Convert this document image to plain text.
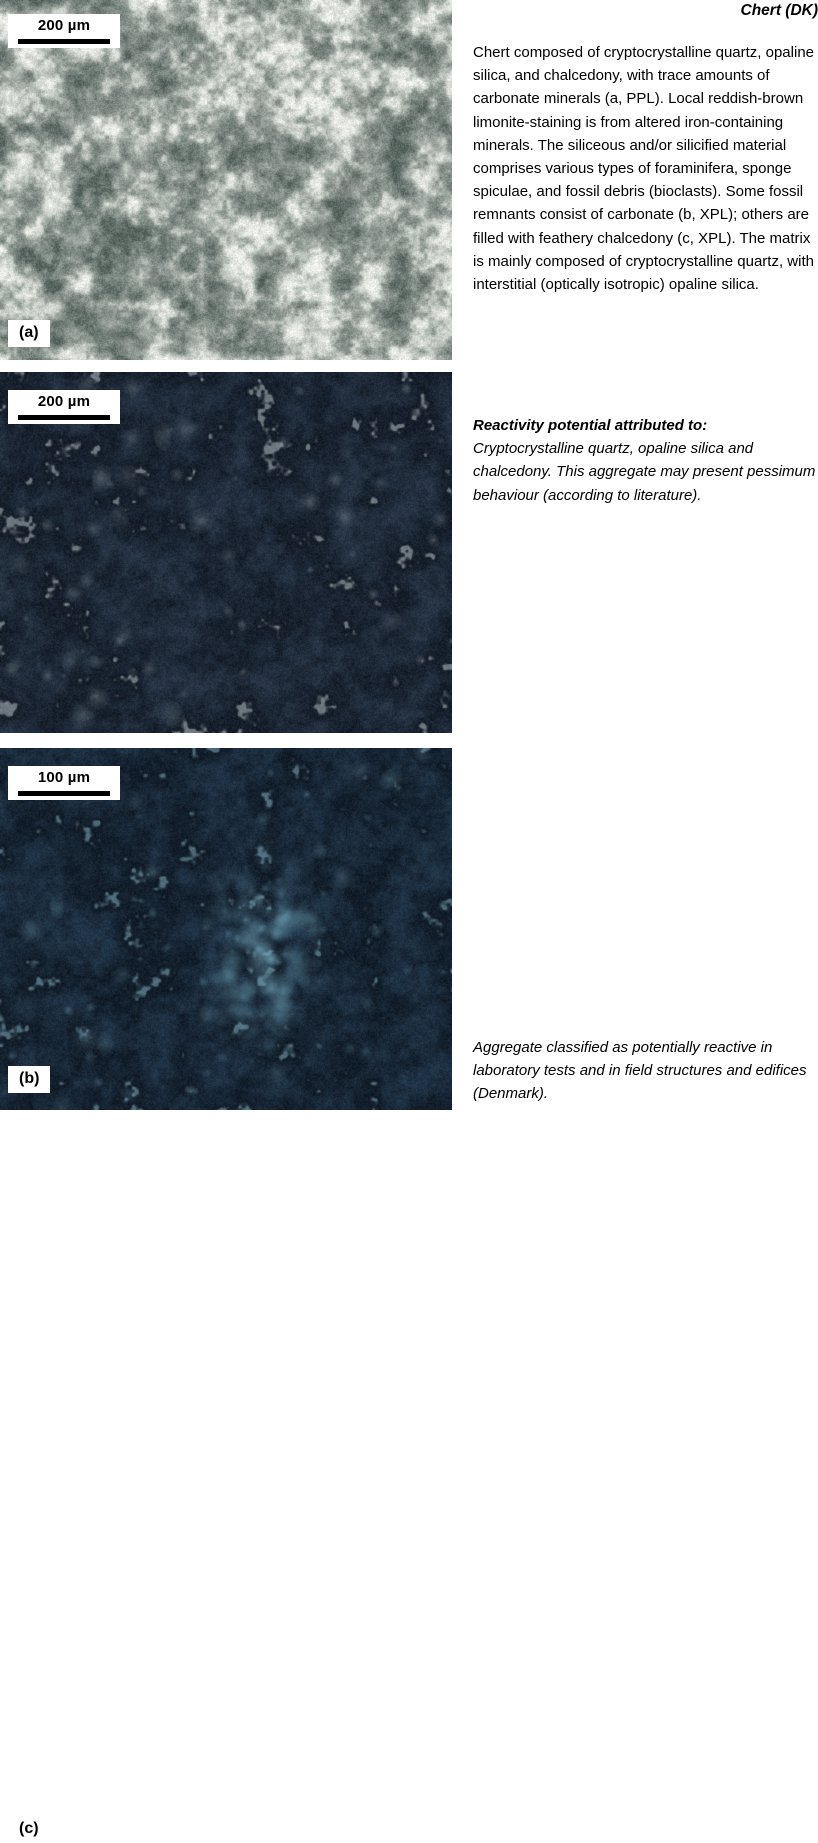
200 µm
(a)
200 µm
(b)
100 µm
(c)
Chert (DK)
Chert composed of cryptocrystalline quartz, opaline silica, and chalcedony, with trace amounts of carbonate minerals (a, PPL). Local reddish-brown limonite-staining is from altered iron-containing minerals. The siliceous and/or silicified material comprises various types of foraminifera, sponge spiculae, and fossil debris (bioclasts). Some fossil remnants consist of carbonate (b, XPL); others are filled with feathery chalcedony (c, XPL). The matrix is mainly composed of cryptocrystalline quartz, with interstitial (optically isotropic) opaline silica.
Reactivity potential attributed to:
Cryptocrystalline quartz, opaline silica and chalcedony. This aggregate may present pessimum behaviour (according to literature).
Aggregate classified as potentially reactive in laboratory tests and in field structures and edifices (Denmark).
